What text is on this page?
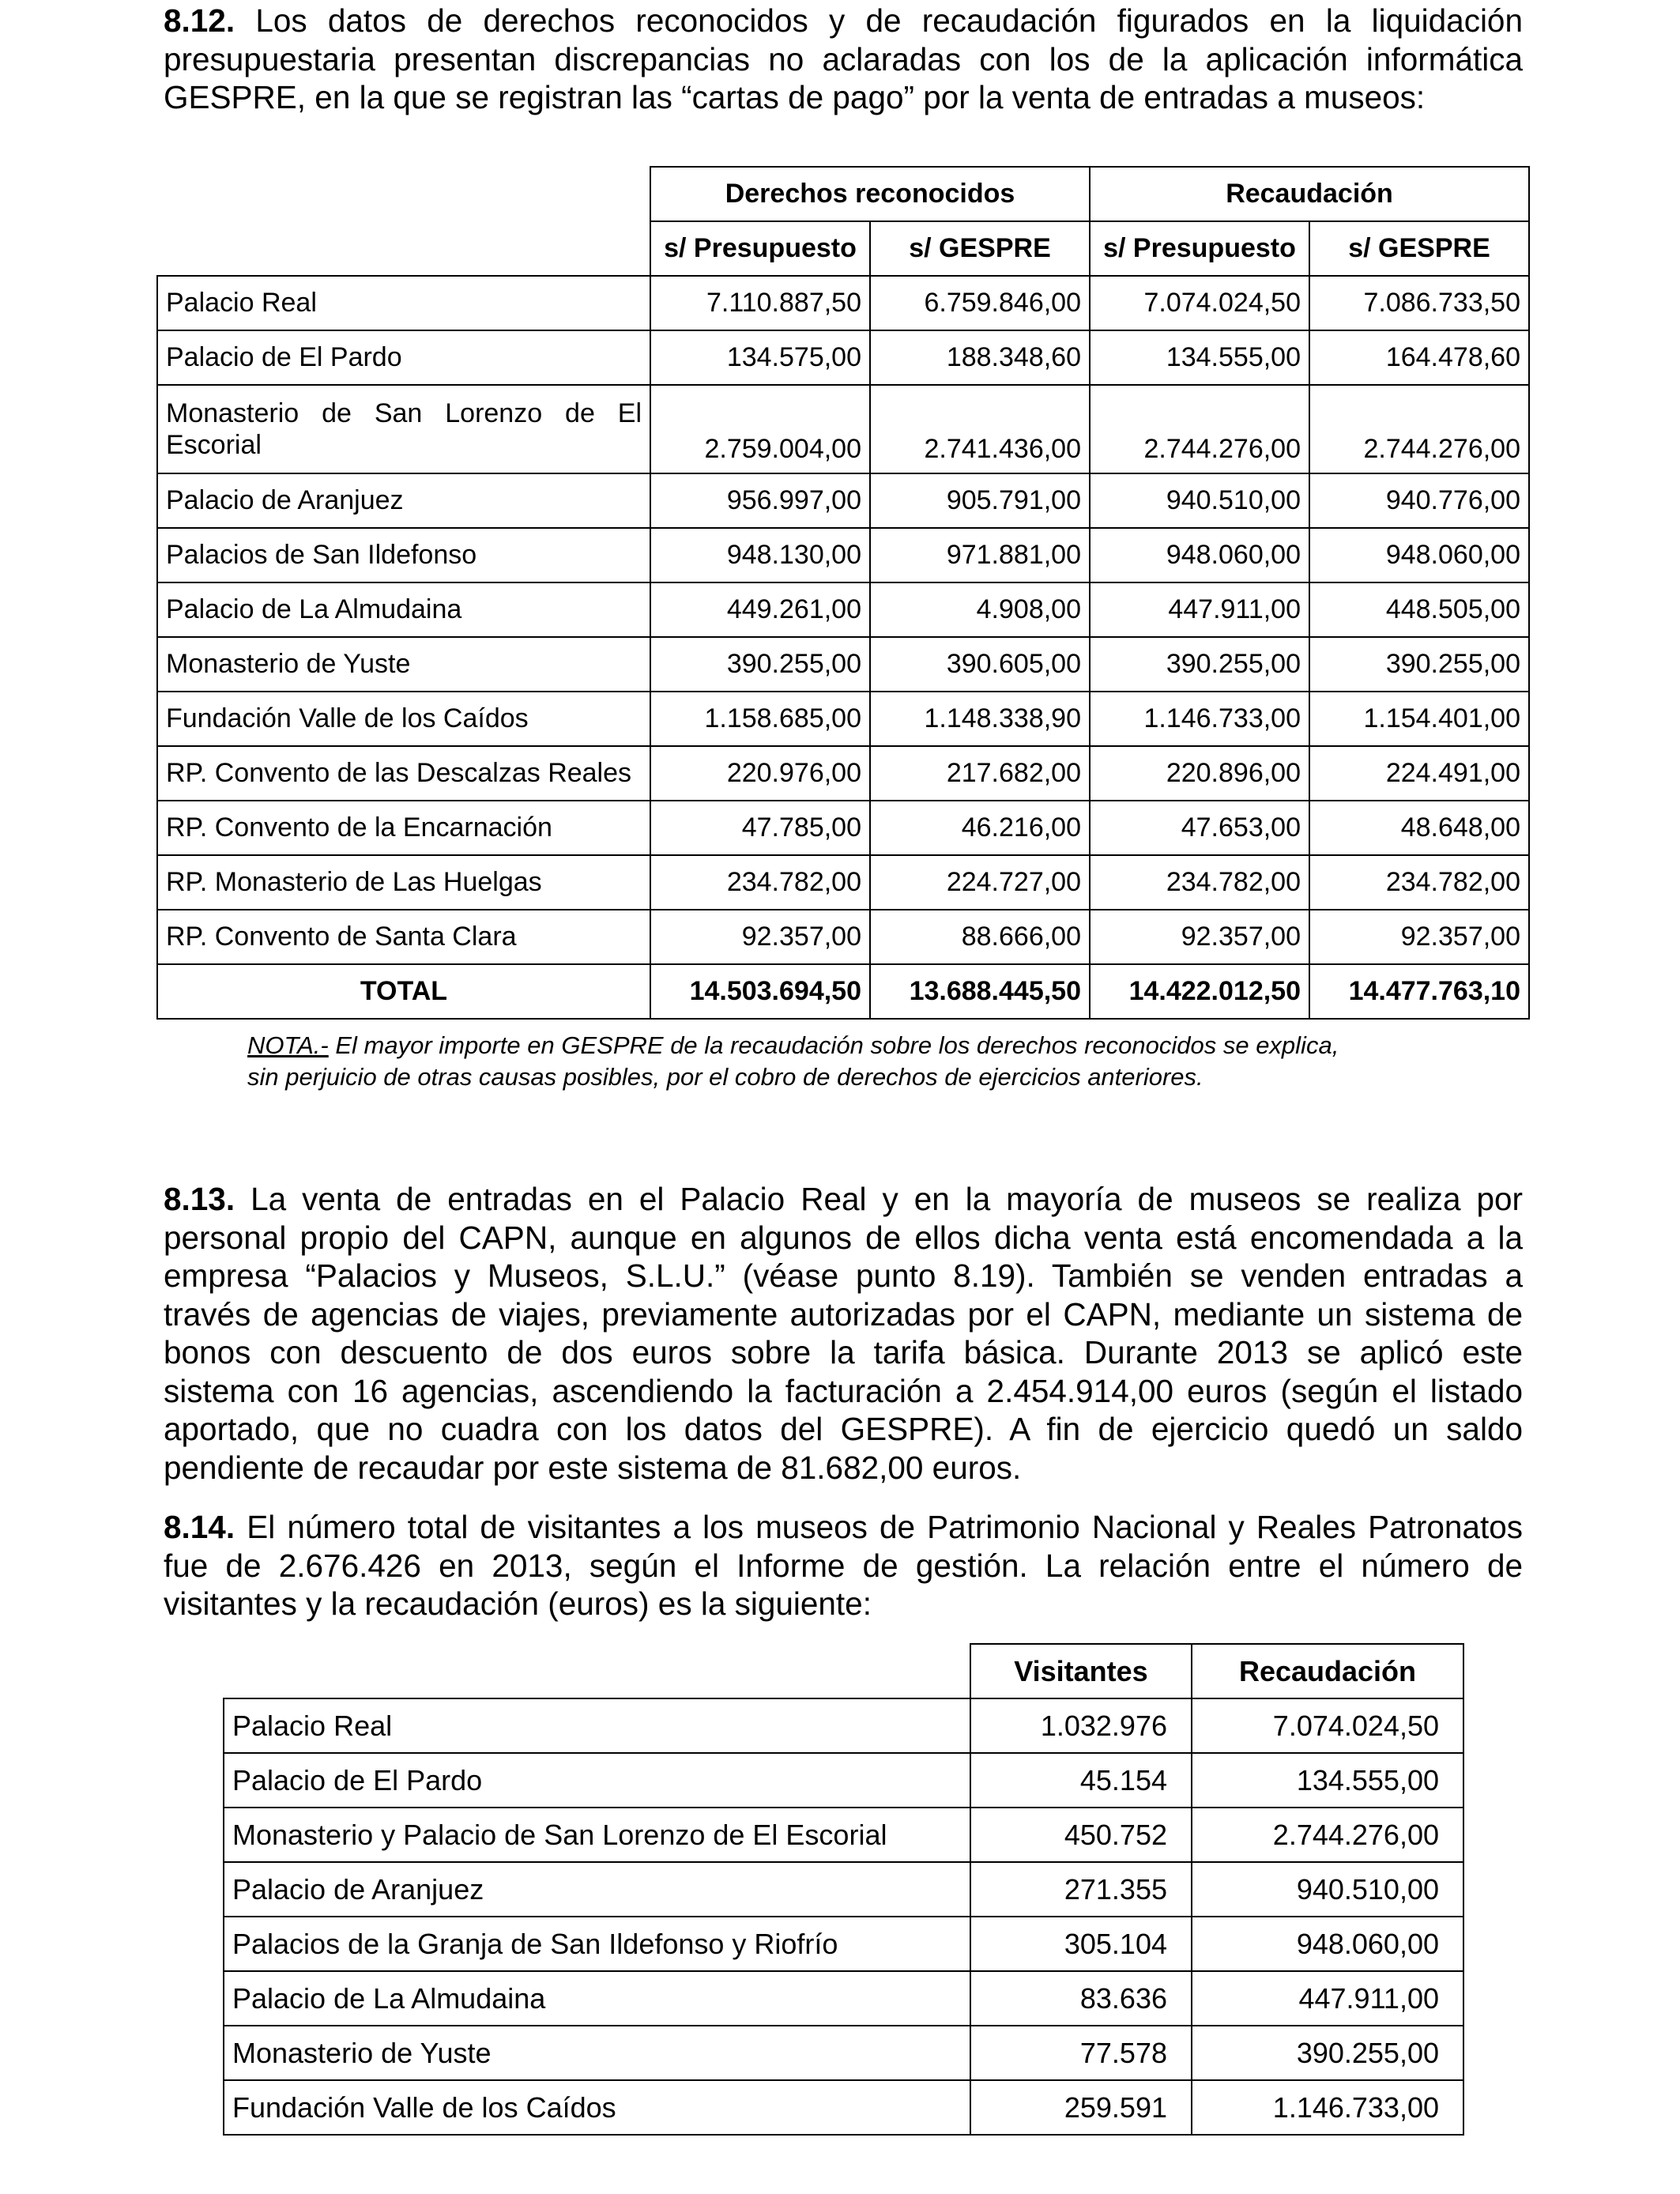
8.12. Los datos de derechos reconocidos y de recaudación figurados en la liquidación
presupuestaria presentan discrepancias no aclaradas con los de la aplicación informática
GESPRE, en la que se registran las “cartas de pago” por la venta de entradas a museos:
	Derechos reconocidos		Recaudación	
	s/ Presupuesto	s/ GESPRE	s/ Presupuesto	s/ GESPRE
Palacio Real	7.110.887,50	6.759.846,00	7.074.024,50	7.086.733,50
Palacio de El Pardo	134.575,00	188.348,60	134.555,00	164.478,60
Monasterio de San Lorenzo de El Escorial	2.759.004,00	2.741.436,00	2.744.276,00	2.744.276,00
Palacio de Aranjuez	956.997,00	905.791,00	940.510,00	940.776,00
Palacios de San Ildefonso	948.130,00	971.881,00	948.060,00	948.060,00
Palacio de La Almudaina	449.261,00	4.908,00	447.911,00	448.505,00
Monasterio de Yuste	390.255,00	390.605,00	390.255,00	390.255,00
Fundación Valle de los Caídos	1.158.685,00	1.148.338,90	1.146.733,00	1.154.401,00
RP. Convento de las Descalzas Reales	220.976,00	217.682,00	220.896,00	224.491,00
RP. Convento de la Encarnación	47.785,00	46.216,00	47.653,00	48.648,00
RP. Monasterio de Las Huelgas	234.782,00	224.727,00	234.782,00	234.782,00
RP. Convento de Santa Clara	92.357,00	88.666,00	92.357,00	92.357,00
TOTAL	14.503.694,50	13.688.445,50	14.422.012,50	14.477.763,10
NOTA.- El mayor importe en GESPRE de la recaudación sobre los derechos reconocidos se explica,
sin perjuicio de otras causas posibles, por el cobro de derechos de ejercicios anteriores.
8.13. La venta de entradas en el Palacio Real y en la mayoría de museos se realiza por
personal propio del CAPN, aunque en algunos de ellos dicha venta está encomendada a la
empresa “Palacios y Museos, S.L.U.” (véase punto 8.19). También se venden entradas a
través de agencias de viajes, previamente autorizadas por el CAPN, mediante un sistema de
bonos con descuento de dos euros sobre la tarifa básica. Durante 2013 se aplicó este
sistema con 16 agencias, ascendiendo la facturación a 2.454.914,00 euros (según el listado
aportado, que no cuadra con los datos del GESPRE). A fin de ejercicio quedó un saldo
pendiente de recaudar por este sistema de 81.682,00 euros.
8.14. El número total de visitantes a los museos de Patrimonio Nacional y Reales Patronatos
fue de 2.676.426 en 2013, según el Informe de gestión. La relación entre el número de
visitantes y la recaudación (euros) es la siguiente:
	Visitantes	Recaudación
Palacio Real	1.032.976	7.074.024,50
Palacio de El Pardo	45.154	134.555,00
Monasterio y Palacio de San Lorenzo de El Escorial	450.752	2.744.276,00
Palacio de Aranjuez	271.355	940.510,00
Palacios de la Granja de San Ildefonso y Riofrío	305.104	948.060,00
Palacio de La Almudaina	83.636	447.911,00
Monasterio de Yuste	77.578	390.255,00
Fundación Valle de los Caídos	259.591	1.146.733,00
